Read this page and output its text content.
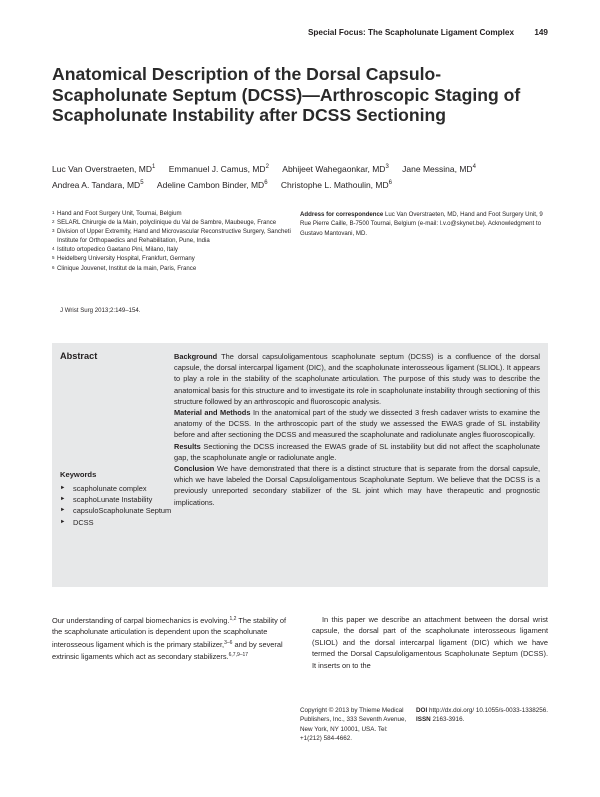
Special Focus: The Scapholunate Ligament Complex 149
Anatomical Description of the Dorsal Capsulo-Scapholunate Septum (DCSS)—Arthroscopic Staging of Scapholunate Instability after DCSS Sectioning
Luc Van Overstraeten, $MD^1$ Emmanuel J. Camus, $MD^2$ Abhijeet Wahegaonkar, $MD^3$ Jane Messina, $MD^4$
Andrea A. Tandara, $MD^5$ Adeline Cambon Binder, $MD^6$ Christophe L. Mathoulin, $MD^6$
1 Hand and Foot Surgery Unit, Tournai, Belgium
2 SELARL Chirurgie de la Main, polyclinique du Val de Sambre, Maubeuge, France
3 Division of Upper Extremity, Hand and Microvascular Reconstructive Surgery, Sancheti Institute for Orthopaedics and Rehabilitation, Pune, India
4 Istituto ortopedico Gaetano Pini, Milano, Italy
5 Heidelberg University Hospital, Frankfurt, Germany
6 Clinique Jouvenet, Institut de la main, Paris, France
J Wrist Surg 2013;2:149–154.
Address for correspondence Luc Van Overstraeten, MD, Hand and Foot Surgery Unit, 9 Rue Pierre Caille, B-7500 Tournai, Belgium (e-mail: l.v.o@skynet.be). Acknowledgment to Gustavo Mantovani, MD.
Abstract	Background The dorsal capsuloligamentous scapholunate septum (DCSS) is a confluence of the dorsal capsule, the dorsal intercarpal ligament (DIC), and the scapholunate interosseous ligament (SLIOL). It appears to play a role in the stability of the scapholunate articulation. The purpose of this study was to describe the anatomical basis for this structure and to investigate its role in scapholunate instability through sectioning of this structure followed by an arthroscopic and fluoroscopic analysis.
Material and Methods In the anatomical part of the study we dissected 3 fresh cadaver wrists to examine the anatomy of the DCSS. In the arthroscopic part of the study we assessed the EWAS grade of SL instability before and after sectioning the DCSS and measured the scapholunate and radiolunate angles fluoroscopically.
Results Sectioning the DCSS increased the EWAS grade of SL instability but did not affect the scapholunate gap, the scapholunate angle or radiolunate angle.
Conclusion We have demonstrated that there is a distinct structure that is separate from the dorsal capsule, which we have labeled the Dorsal Capsuloligamentous Scapholunate Septum. We believe that the DCSS is a previously unreported secondary stabilizer of the SL joint which may have therapeutic and prognostic implications.
Keywords
► scapholunate complex
► scaphoLunate Instability
► capsuloScapholunate Septum
► DCSS
Our understanding of carpal biomechanics is evolving.$^{1,2}$ The stability of the scapholunate articulation is dependent upon the scapholunate interosseous ligament which is the primary stabilizer,$^{3-6}$ and by several extrinsic ligaments which act as secondary stabilizers.$^{6,7,9-17}$
In this paper we describe an attachment between the dorsal wrist capsule, the dorsal part of the scapholunate interosseous ligament (SLIOL) and the dorsal intercarpal ligament (DIC) which we have termed the Dorsal Capsuloligamentous Scapholunate Septum (DCSS). It inserts on to the
Copyright © 2013 by Thieme Medical Publishers, Inc., 333 Seventh Avenue, New York, NY 10001, USA. Tel: +1(212) 584-4662.
DOI http://dx.doi.org/ 10.1055/s-0033-1338256.
ISSN 2163-3916.
